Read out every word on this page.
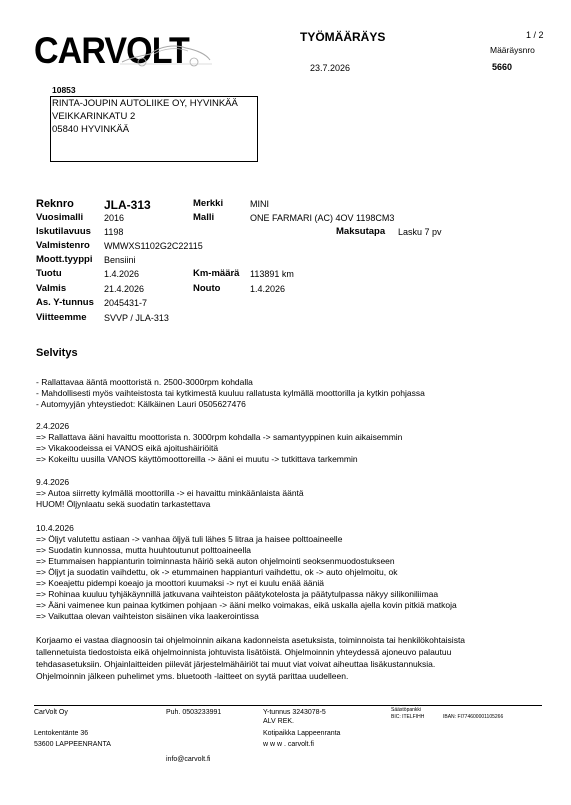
CARVOLT	TYÖMÄÄRÄYS	1 / 2
23.7.2026
Määräysnro
5660
10853
RINTA-JOUPIN AUTOLIIKE OY, HYVINKÄÄ
VEIKKARINKATU 2
05840 HYVINKÄÄ
Reknro	JLA-313	Merkki	MINI
Vuosimalli 2016	Malli	ONE FARMARI (AC) 4OV 1198CM3
Iskutilavuus 1198	Maksutapa Lasku 7 pv
Valmistenro WMWXS1102G2C22115
Moott.tyyppi Bensiini
Tuotu	1.4.2026	Km-määrä 113891 km
Valmis	21.4.2026	Nouto	1.4.2026
As. Y-tunnus 2045431-7
Viitteemme SVVP / JLA-313
Selvitys
- Rallattavaa ääntä moottoristä n. 2500-3000rpm kohdalla
- Mahdollisesti myös vaihteistosta tai kytkimestä kuuluu rallatusta kylmällä moottorilla ja kytkin pohjassa
- Automyyjän yhteystiedot: Kälkäinen Lauri 0505627476
2.4.2026
=> Rallattava ääni havaittu moottorista n. 3000rpm kohdalla -> samantyyppinen kuin aikaisemmin
=> Vikakoodeissa ei VANOS eikä ajoitushäiriöitä
=> Kokeiltu uusilla VANOS käyttömoottoreilla -> ääni ei muutu -> tutkittava tarkemmin
9.4.2026
=> Autoa siirretty kylmällä moottorilla -> ei havaittu minkäänlaista ääntä
HUOM! Öljynlaatu sekä suodatin tarkastettava
10.4.2026
=> Öljyt valutettu astiaan -> vanhaa öljyä tuli lähes 5 litraa ja haisee polttoaineelle
=> Suodatin kunnossa, mutta huuhtoutunut polttoaineella
=> Etummaisen happianturin toiminnasta häiriö sekä auton ohjelmointi seoksenmuodostukseen
=> Öljyt ja suodatin vaihdettu, ok -> etummainen happianturi vaihdettu, ok -> auto ohjelmoitu, ok
=> Koeajettu pidempi koeajo ja moottori kuumaksi -> nyt ei kuulu enää ääniä
=> Rohinaa kuuluu tyhjäkäynnillä jatkuvana vaihteiston päätykotelosta ja päätytulpassa näkyy silikoniliimaa
=> Ääni vaimenee kun painaa kytkimen pohjaan -> ääni melko voimakas, eikä uskalla ajella kovin pitkiä matkoja
=> Vaikuttaa olevan vaihteiston sisäinen vika laakerointissa
Korjaamo ei vastaa diagnoosin tai ohjelmoinnin aikana kadonneista asetuksista, toiminnoista tai henkilökohtaisista
tallennetuista tiedostoista eikä ohjelmoinnista johtuvista lisätöistä. Ohjelmoinnin yhteydessä ajoneuvo palautuu
tehdasasetuksiin. Ohjainlaitteiden piilevät järjestelmähäiriöt tai muut viat voivat aiheuttaa lisäkustannuksia.
Ohjelmoinnin jälkeen puhelimet yms. bluetooth -laitteet on syytä parittaa uudelleen.
CarVolt Oy
Lentokentänte 36
53600 LAPPEENRANTA
Puh. 0503233991
info@carvolt.fi
Y-tunnus 3243078-5
ALV REK.
Kotipaikka Lappeenranta
w w w . carvolt.fi
Säästöpankki
BIC: ITELFIHH	IBAN: FI774600001105266
